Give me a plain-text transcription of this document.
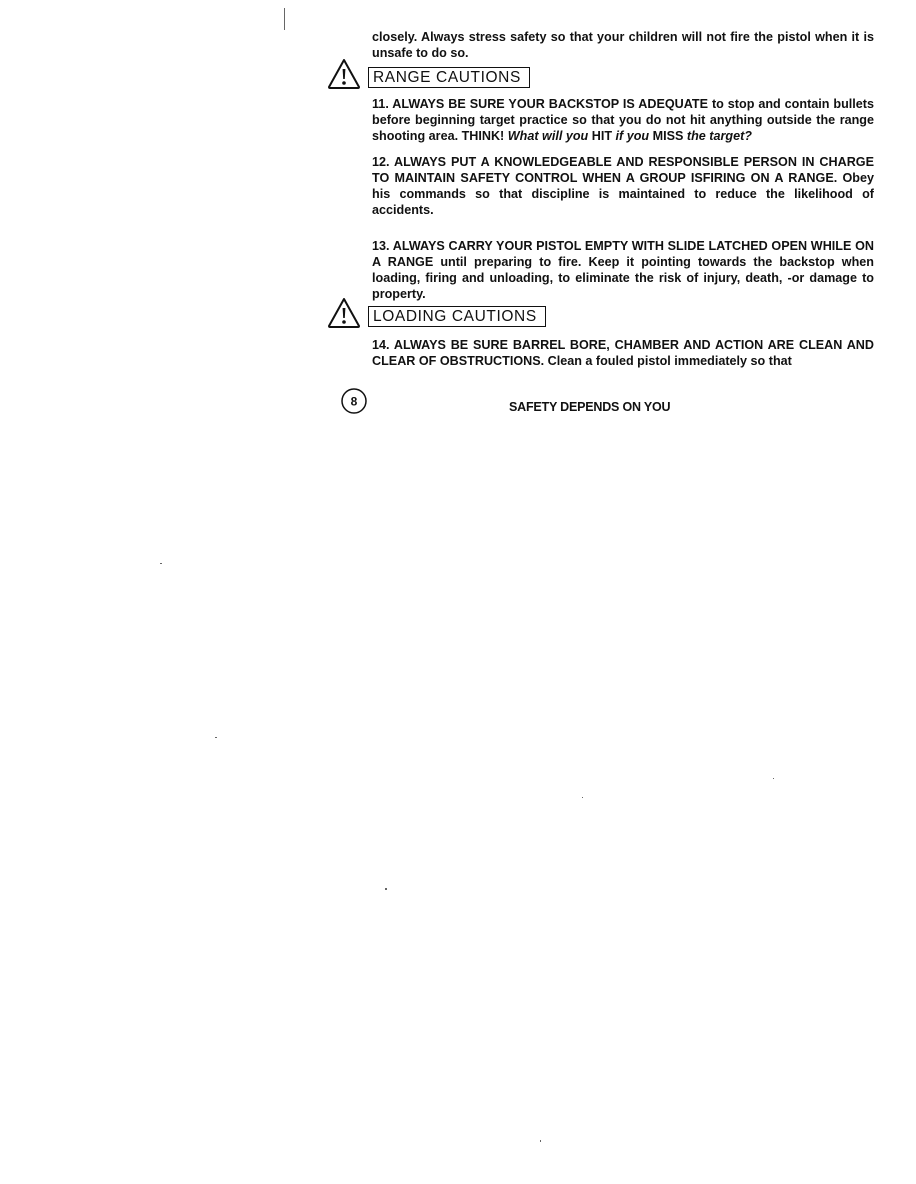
closely. Always stress safety so that your children will not fire the pistol when it is unsafe to do so.

RANGE CAUTIONS

11. ALWAYS BE SURE YOUR BACKSTOP IS ADEQUATE to stop and contain bullets before beginning target practice so that you do not hit anything outside the range shooting area. THINK! What will you HIT if you MISS the target?

12. ALWAYS PUT A KNOWLEDGEABLE AND RESPONSIBLE PERSON IN CHARGE TO MAINTAIN SAFETY CONTROL WHEN A GROUP ISFIRING ON A RANGE. Obey his commands so that discipline is maintained to reduce the likelihood of accidents.

13. ALWAYS CARRY YOUR PISTOL EMPTY WITH SLIDE LATCHED OPEN WHILE ON A RANGE until preparing to fire. Keep it pointing towards the backstop when loading, firing and unloading, to eliminate the risk of injury, death, -or damage to property.

LOADING CAUTIONS

14. ALWAYS BE SURE BARREL BORE, CHAMBER AND ACTION ARE CLEAN AND CLEAR OF OBSTRUCTIONS. Clean a fouled pistol immediately so that

8	SAFETY DEPENDS ON YOU
